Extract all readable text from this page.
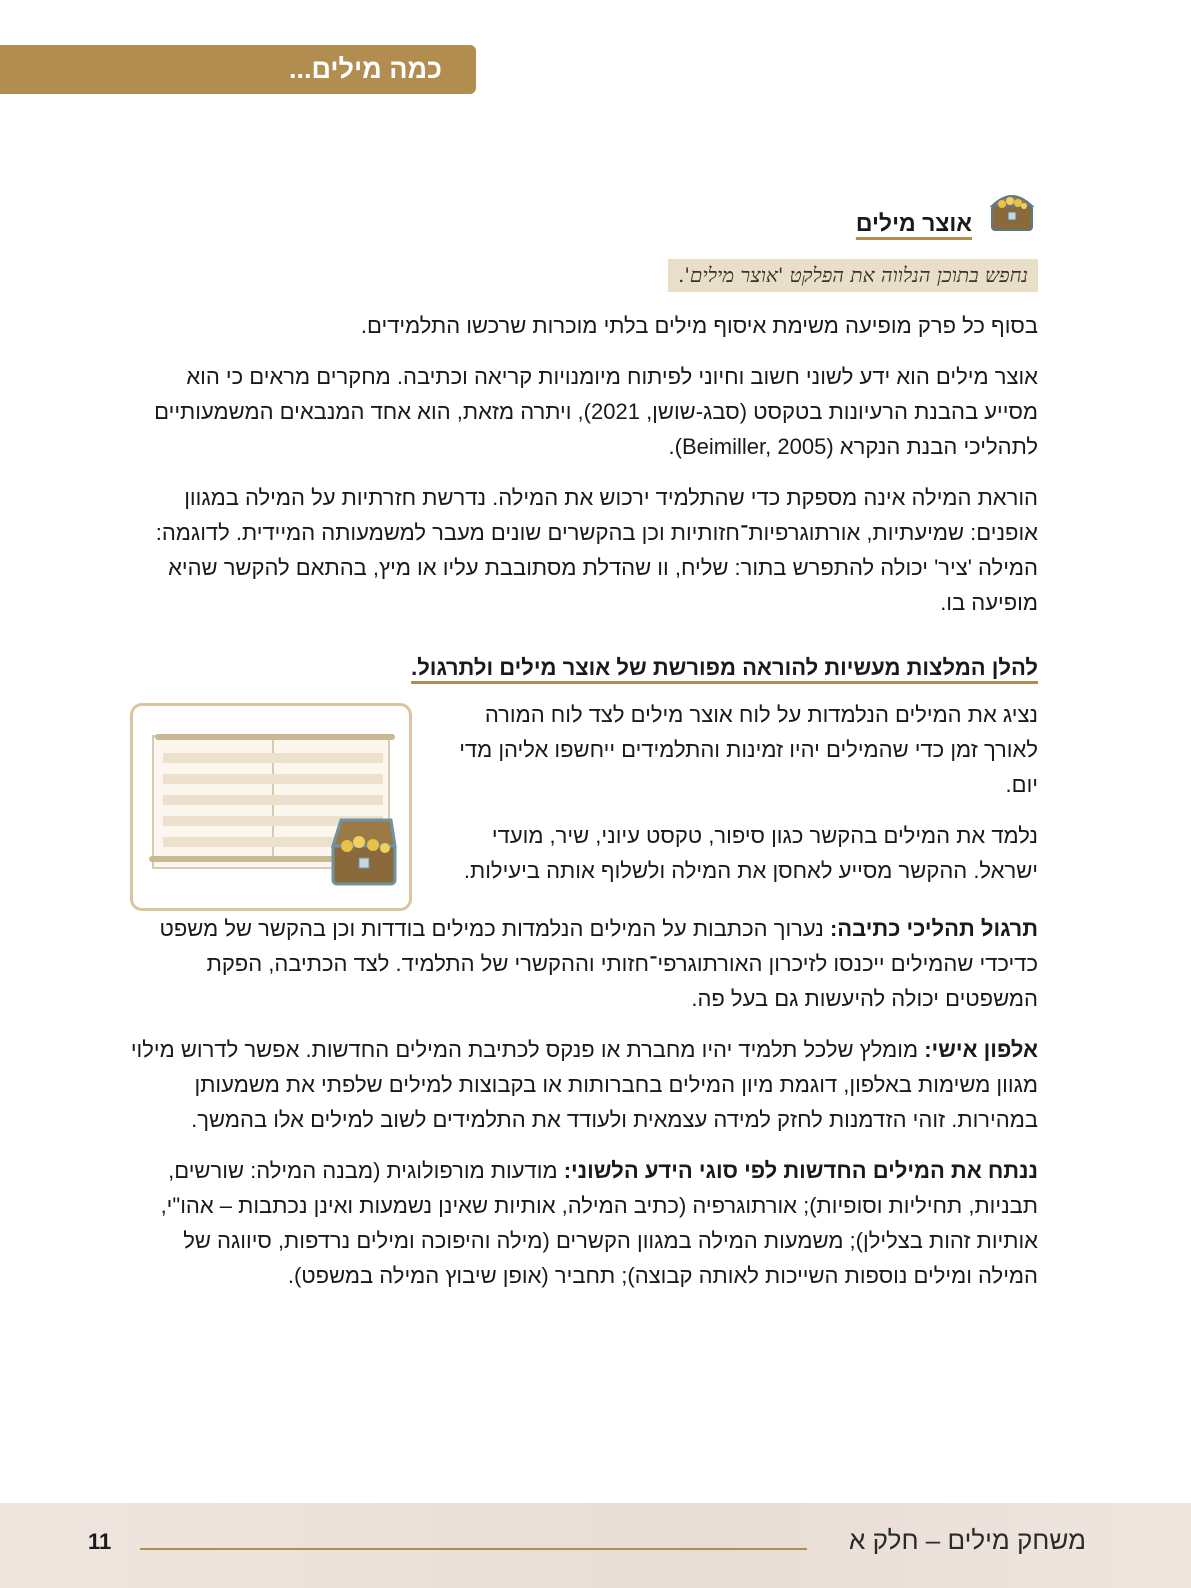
כמה מילים...
אוצר מילים
נחפש בתוכן הנלווה את הפלקט 'אוצר מילים'.

בסוף כל פרק מופיעה משימת איסוף מילים בלתי מוכרות שרכשו התלמידים.

אוצר מילים הוא ידע לשוני חשוב וחיוני לפיתוח מיומנויות קריאה וכתיבה. מחקרים מראים כי הוא מסייע בהבנת הרעיונות בטקסט (סבג-שושן, 2021), ויתרה מזאת, הוא אחד המנבאים המשמעותיים לתהליכי הבנת הנקרא (Beimiller, 2005).

הוראת המילה אינה מספקת כדי שהתלמיד ירכוש את המילה. נדרשת חזרתיות על המילה במגוון אופנים: שמיעתיות, אורתוגרפיות־חזותיות וכן בהקשרים שונים מעבר למשמעותה המיידית. לדוגמה: המילה 'ציר' יכולה להתפרש בתור: שליח, וו שהדלת מסתובבת עליו או מיץ, בהתאם להקשר שהיא מופיעה בו.

להלן המלצות מעשיות להוראה מפורשת של אוצר מילים ולתרגול.

נציג את המילים הנלמדות על לוח אוצר מילים לצד לוח המורה לאורך זמן כדי שהמילים יהיו זמינות והתלמידים ייחשפו אליהן מדי יום.

נלמד את המילים בהקשר כגון סיפור, טקסט עיוני, שיר, מועדי ישראל. ההקשר מסייע לאחסן את המילה ולשלוף אותה ביעילות.

תרגול תהליכי כתיבה: נערוך הכתבות על המילים הנלמדות כמילים בודדות וכן בהקשר של משפט כדיכדי שהמילים ייכנסו לזיכרון האורתוגרפי־חזותי וההקשרי של התלמיד. לצד הכתיבה, הפקת המשפטים יכולה להיעשות גם בעל פה.

אלפון אישי: מומלץ שלכל תלמיד יהיו מחברת או פנקס לכתיבת המילים החדשות. אפשר לדרוש מילוי מגוון משימות באלפון, דוגמת מיון המילים בחברותות או בקבוצות למילים שלפתי את משמעותן במהירות. זוהי הזדמנות לחזק למידה עצמאית ולעודד את התלמידים לשוב למילים אלו בהמשך.

ננתח את המילים החדשות לפי סוגי הידע הלשוני: מודעות מורפולוגית (מבנה המילה: שורשים, תבניות, תחיליות וסופיות); אורתוגרפיה (כתיב המילה, אותיות שאינן נשמעות ואינן נכתבות – אהו"י, אותיות זהות בצלילן); משמעות המילה במגוון הקשרים (מילה והיפוכה ומילים נרדפות, סיווגה של המילה ומילים נוספות השייכות לאותה קבוצה); תחביר (אופן שיבוץ המילה במשפט).

משחק מילים – חלק א
11
